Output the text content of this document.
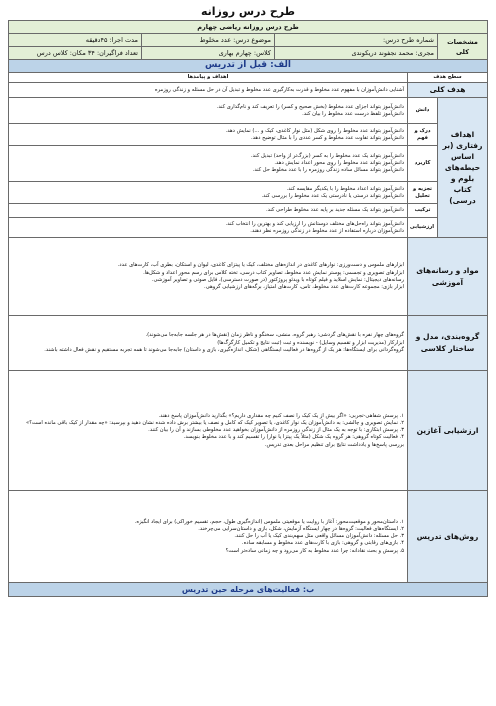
طرح درس روزانه
طرح درس روزانه ریاضی چهارم				
مشخصات کلی	شماره طرح درس:		موضوع درس: عدد مخلوط	مدت اجرا: ۴۵دقیقه
	مجری: محمد نجفوند دریکوندی		کلاس: چهارم بهاری	تعداد فراگیران: ۳۴ مکان: کلاس درس
الف: قبل از تدریس				
سطح هدف		اهداف و پیامدها		
هدف کلی		آشنایی دانش‌آموزان با مفهوم عدد مخلوط و قدرت به‌کارگیری عدد مخلوط و تبدیل آن در حل مسئله و زندگی روزمره		
اهداف رفتاری (بر اساس حیطه‌های بلوم و کتاب درسی)	دانش	دانش‌آموز بتواند اجزای عدد مخلوط (بخش صحیح و کسر) را تعریف کند و نام‌گذاری کند.
دانش‌آموز تلفظ درست عدد مخلوط را بیان کند.		

	درک و فهم	دانش‌آموز بتواند عدد مخلوط را روی شکل (مثل نوار کاغذی، کیک و ...) نمایش دهد.
دانش‌آموز بتواند تفاوت عدد مخلوط و کسر عددی را با مثال توضیح دهد.		

	کاربرد	دانش‌آموز بتواند یک عدد مخلوط را به کسر (بزرگ‌تر از واحد) تبدیل کند.
دانش‌آموز بتواند عدد مخلوط را روی محور اعداد نمایش دهد.
دانش‌آموز بتواند مسائل ساده زندگی روزمره را با عدد مخلوط حل کند.		

	تجزیه و تحلیل	دانش‌آموز بتواند اعداد مخلوط را با یکدیگر مقایسه کند.
دانش‌آموز بتواند درستی یا نادرستی یک عدد مخلوط را بررسی کند.		

	ترکیب	دانش‌آموز بتواند یک مسئله جدید بر پایه عدد مخلوط طراحی کند.		

	ارزشیابی	دانش‌آموز بتواند راه‌حل‌های مختلف دوستانش را ارزیابی کند و بهترین را انتخاب کند.
دانش‌آموزان درباره استفاده از عدد مخلوط در زندگی روزمره نظر دهند.		

مواد و رسانه‌های آموزشی		ابزارهای ملموس و دست‌ورزی: نوارهای کاغذی در اندازه‌های مختلف، کیک یا پیتزای کاغذی، لیوان و استکان، بطری آب، کارت‌های عدد.
ابزارهای تصویری و تجسمی: پوستر نمایش عدد مخلوط، تصاویر کتاب درسی، تخته کلاس برای رسم محور اعداد و شکل‌ها.
رسانه‌های دیجیتال: نمایش اسلاید و فیلم کوتاه با ویدئو پروژکتور (در صورت دسترسی)، فایل صوتی و تصاویر آموزشی.
ابزار بازی: مجموعه کارت‌های عدد مخلوط، تاس، کارت‌های امتیاز، برگه‌های ارزشیابی گروهی.		

گروه‌بندی، مدل و ساختار کلاسی		گروه‌های چهار نفره با نقش‌های گردشی: رهبر گروه، منشی، سخنگو و ناظر زمان (نقش‌ها در هر جلسه جابه‌جا می‌شوند).
ابزارکار (مدیریت ابزار و تقسیم وسایل) - نویسنده و ثبت (ثبت نتایج و تکمیل کارگرگ‌ها)
گروه‌گردانی برای ایستگاه‌ها: هر یک از گروه‌ها در فعالیت ایستگاهی (شکل، اندازه‌گیری، بازی و داستان) جابه‌جا می‌شوند تا همه تجربه مستقیم و نقش فعال داشته باشند.		

ارزشیابی آغازین		۱. پرسش شفاهی-تجربی: «اگر بیش از یک کیک را نصف کنیم چه مقداری داریم؟» بگذارید دانش‌آموزان پاسخ دهند.
۲. نمایش تصویری و چالشی: به دانش‌آموزان یک نوار کاغذی، یا تصویر کیک که کامل و نصف یا بیشتر برش داده شده نشان دهید و بپرسید: «چه مقدار از کیک باقی مانده است؟»
۳. پرسش ابتکاری: با توجه به یک مثال از زندگی روزمره از دانش‌آموزان بخواهید عدد مخلوطی بسازند و آن را بیان کنند.
۴. فعالیت کوتاه گروهی: هر گروه یک شکل (مثلاً یک پیتزا یا نوار) را تقسیم کند و با عدد مخلوط بنویسد.
بررسی پاسخ‌ها و یادداشت نتایج برای تنظیم مراحل بعدی تدریس.		

روش‌های تدریس		۱. داستان‌محور و موقعیت‌محور: آغاز با روایت یا موقعیتی ملموس (اندازه‌گیری طول، حجم، تقسیم خوراکی) برای ایجاد انگیزه.
۲. ایستگاه‌های فعالیت: گروه‌ها در چهار ایستگاه آزمایش، شکل، بازی و داستان‌سرایی می‌چرخند.
۳. حل مسئله: دانش‌آموزان مسائل واقعی مثل سهم‌بندی کیک یا آب را حل کنند.
۴. بازی‌های رقابتی و گروهی: بازی با کارت‌های عدد مخلوط و مسابقه ساده.
۵. پرسش و بحث نقادانه: چرا عدد مخلوط به کار می‌رود و چه زمانی ساده‌تر است؟		

ب: فعالیت‌های مرحله حین تدریس				
